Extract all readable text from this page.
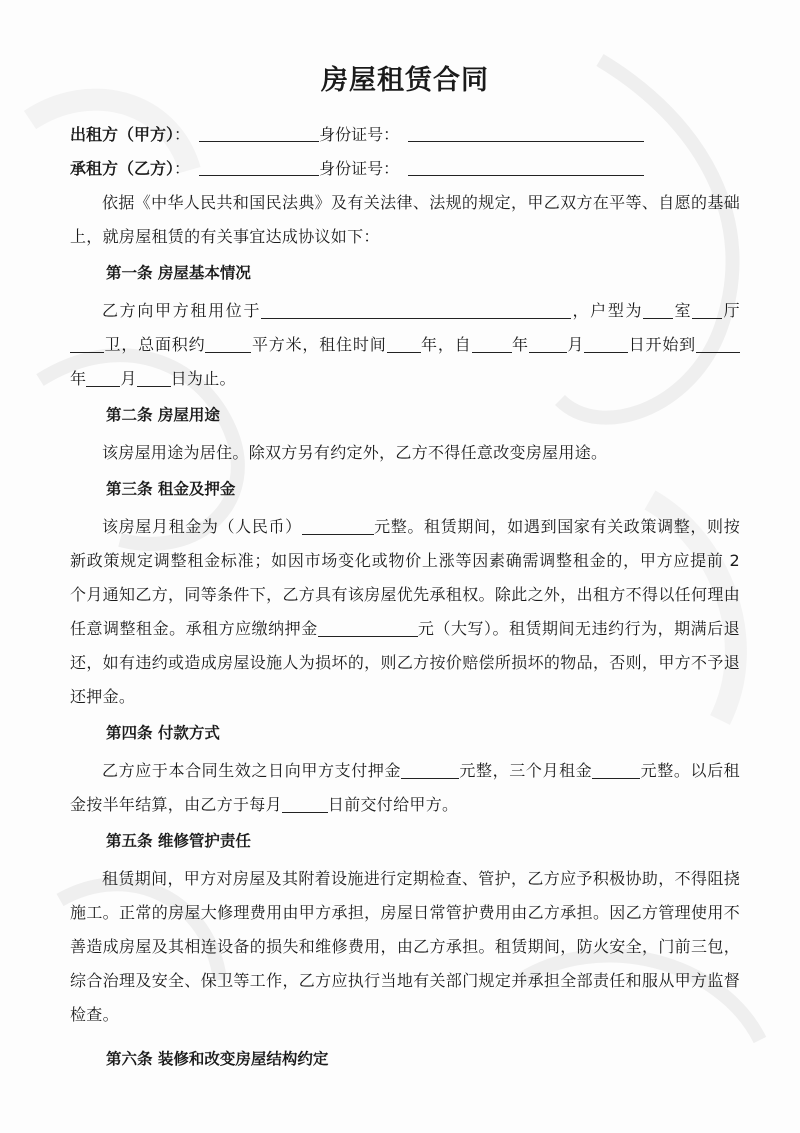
房屋租赁合同
出租方（甲方）：	身份证号：
承租方（乙方）：	身份证号：

依据《中华人民共和国民法典》及有关法律、法规的规定，甲乙双方在平等、自愿的基础上，就房屋租赁的有关事宜达成协议如下：

第一条 房屋基本情况

乙方向甲方租用位于	，户型为 室 厅卫，总面积约	平方米，租住时间 年，自	年 月	日开始到年 月 日为止。

第二条 房屋用途

该房屋用途为居住。除双方另有约定外，乙方不得任意改变房屋用途。

第三条 租金及押金

该房屋月租金为（人民币）	元整。租赁期间，如遇到国家有关政策调整，则按新政策规定调整租金标准；如因市场变化或物价上涨等因素确需调整租金的，甲方应提前 2 个月通知乙方，同等条件下，乙方具有该房屋优先承租权。除此之外，出租方不得以任何理由任意调整租金。承租方应缴纳押金	元（大写）。租赁期间无违约行为，期满后退还，如有违约或造成房屋设施人为损坏的，则乙方按价赔偿所损坏的物品，否则，甲方不予退还押金。

第四条 付款方式

乙方应于本合同生效之日向甲方支付押金	元整，三个月租金	元整。以后租金按半年结算，由乙方于每月	日前交付给甲方。

第五条 维修管护责任

租赁期间，甲方对房屋及其附着设施进行定期检查、管护，乙方应予积极协助，不得阻挠施工。正常的房屋大修理费用由甲方承担，房屋日常管护费用由乙方承担。因乙方管理使用不善造成房屋及其相连设备的损失和维修费用，由乙方承担。租赁期间，防火安全，门前三包，综合治理及安全、保卫等工作，乙方应执行当地有关部门规定并承担全部责任和服从甲方监督检查。

第六条 装修和改变房屋结构约定
